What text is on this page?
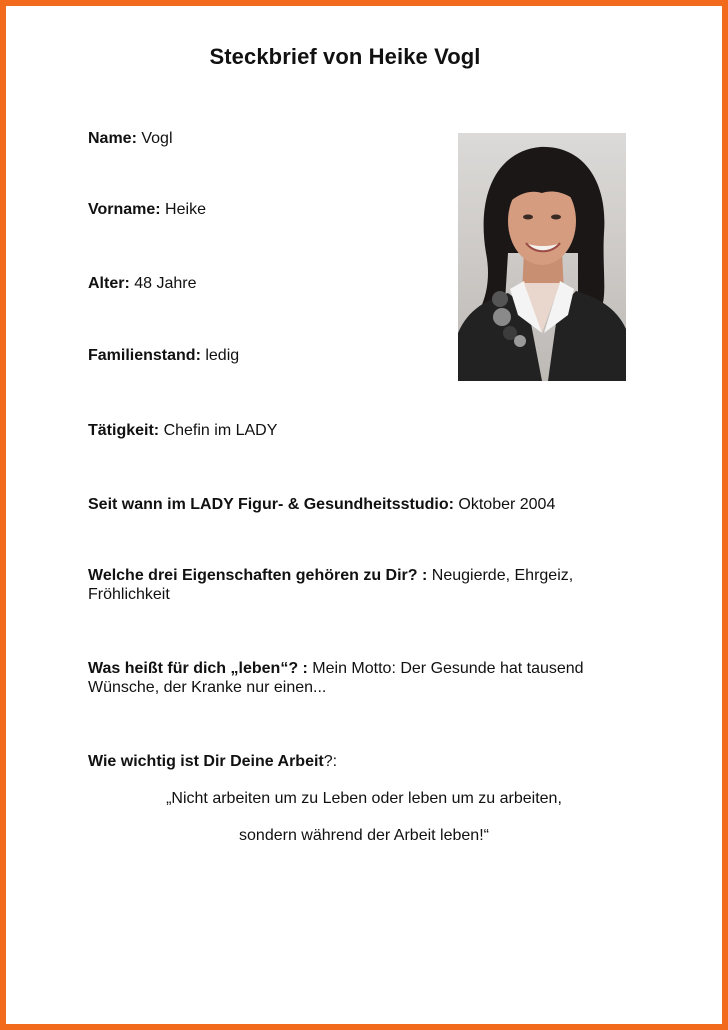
Steckbrief von Heike Vogl
Name: Vogl
Vorname: Heike
Alter: 48 Jahre
Familienstand: ledig
Tätigkeit: Chefin im LADY
Seit wann im LADY Figur- & Gesundheitsstudio: Oktober 2004
Welche drei Eigenschaften gehören zu Dir? : Neugierde, Ehrgeiz, Fröhlichkeit
Was heißt für dich „leben“? : Mein Motto: Der Gesunde hat tausend Wünsche, der Kranke nur einen...
Wie wichtig ist Dir Deine Arbeit?:
„Nicht arbeiten um zu Leben oder leben um zu arbeiten,
sondern während der Arbeit leben!“
